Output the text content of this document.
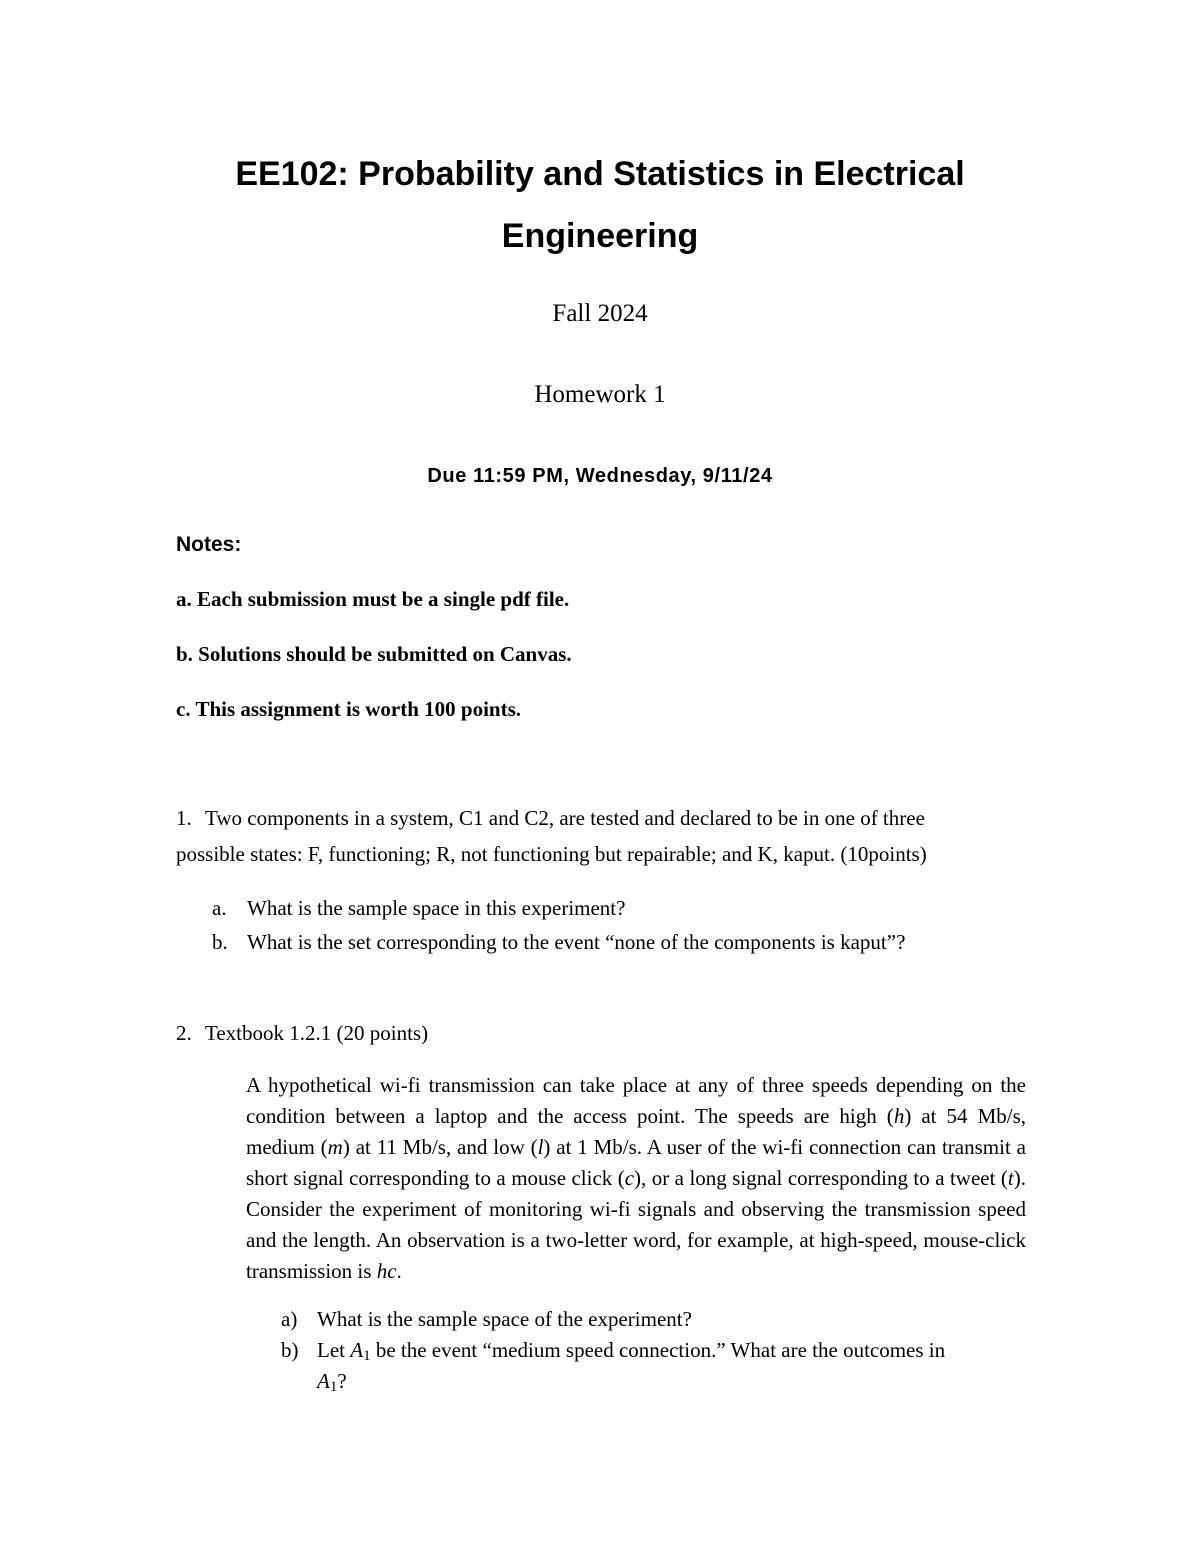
EE102: Probability and Statistics in Electrical
Engineering
Fall 2024
Homework 1
Due 11:59 PM, Wednesday, 9/11/24
Notes:
a. Each submission must be a single pdf file.
b. Solutions should be submitted on Canvas.
c. This assignment is worth 100 points.
1. Two components in a system, C1 and C2, are tested and declared to be in one of three
possible states: F, functioning; R, not functioning but repairable; and K, kaput. (10points)
a. What is the sample space in this experiment?
b. What is the set corresponding to the event “none of the components is kaput”?
2. Textbook 1.2.1 (20 points)
A hypothetical wi-fi transmission can take place at any of three speeds depending on the condition between a laptop and the access point. The speeds are high (h) at 54 Mb/s, medium (m) at 11 Mb/s, and low (l) at 1 Mb/s. A user of the wi-fi connection can transmit a short signal corresponding to a mouse click (c), or a long signal corresponding to a tweet (t). Consider the experiment of monitoring wi-fi signals and observing the transmission speed and the length. An observation is a two-letter word, for example, at high-speed, mouse-click transmission is hc.
a) What is the sample space of the experiment?
b) Let $A_1$ be the event “medium speed connection.” What are the outcomes in
$A_1$?
